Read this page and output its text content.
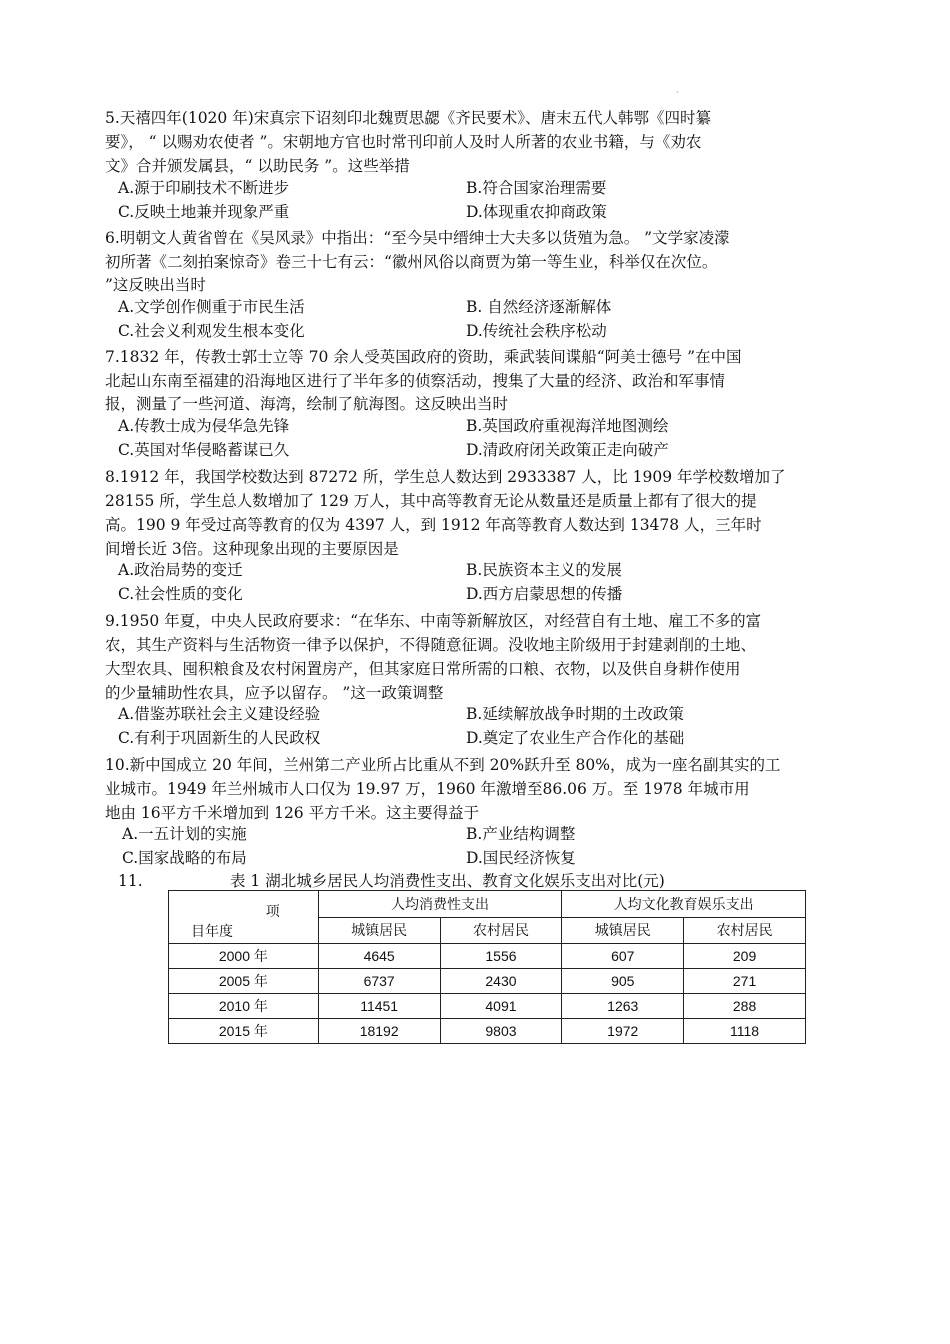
·
5.天禧四年(1020 年)宋真宗下诏刻印北魏贾思勰《齐民要术》、唐末五代人韩鄂《四时纂
要》， “ 以赐劝农使者 ”。宋朝地方官也时常刊印前人及时人所著的农业书籍，与《劝农
文》合并颁发属县，“ 以助民务 ”。这些举措
A.源于印刷技术不断进步	B.符合国家治理需要
C.反映土地兼并现象严重	D.体现重农抑商政策
6.明朝文人黄省曾在《吴风录》中指出：“至今吴中缙绅士大夫多以货殖为急。 ”文学家凌濛
初所著《二刻拍案惊奇》卷三十七有云：“徽州风俗以商贾为第一等生业，科举仅在次位。
”这反映出当时
A.文学创作侧重于市民生活	B. 自然经济逐渐解体
C.社会义利观发生根本变化	D.传统社会秩序松动
7.1832 年，传教士郭士立等 70 余人受英国政府的资助，乘武装间谍船“阿美士德号 ”在中国
北起山东南至福建的沿海地区进行了半年多的侦察活动，搜集了大量的经济、政治和军事情
报，测量了一些河道、海湾，绘制了航海图。这反映出当时
A.传教士成为侵华急先锋	B.英国政府重视海洋地图测绘
C.英国对华侵略蓄谋已久	D.清政府闭关政策正走向破产
8.1912 年，我国学校数达到 87272 所，学生总人数达到 2933387 人，比 1909 年学校数增加了
28155 所，学生总人数增加了 129 万人，其中高等教育无论从数量还是质量上都有了很大的提
高。190 9 年受过高等教育的仅为 4397 人，到 1912 年高等教育人数达到 13478 人，三年时
间增长近 3倍。这种现象出现的主要原因是
A.政治局势的变迁	B.民族资本主义的发展
C.社会性质的变化	D.西方启蒙思想的传播
9.1950 年夏，中央人民政府要求：“在华东、中南等新解放区，对经营自有土地、雇工不多的富
农，其生产资料与生活物资一律予以保护，不得随意征调。没收地主阶级用于封建剥削的土地、
大型农具、囤积粮食及农村闲置房产，但其家庭日常所需的口粮、衣物，以及供自身耕作使用
的少量辅助性农具，应予以留存。 ”这一政策调整
A.借鉴苏联社会主义建设经验	B.延续解放战争时期的土改政策
C.有利于巩固新生的人民政权	D.奠定了农业生产合作化的基础
10.新中国成立 20 年间，兰州第二产业所占比重从不到 20%跃升至 80%，成为一座名副其实的工
业城市。1949 年兰州城市人口仅为 19.97 万，1960 年激增至86.06 万。至 1978 年城市用
地由 16平方千米增加到 126 平方千米。这主要得益于
A.一五计划的实施	B.产业结构调整
C.国家战略的布局	D.国民经济恢复
11.	表 1 湖北城乡居民人均消费性支出、教育文化娱乐支出对比(元)
项
目年度	人均消费性支出		人均文化教育娱乐支出	
	城镇居民	农村居民	城镇居民	农村居民
2000 年	4645	1556	607	209
2005 年	6737	2430	905	271
2010 年	11451	4091	1263	288
2015 年	18192	9803	1972	1118
